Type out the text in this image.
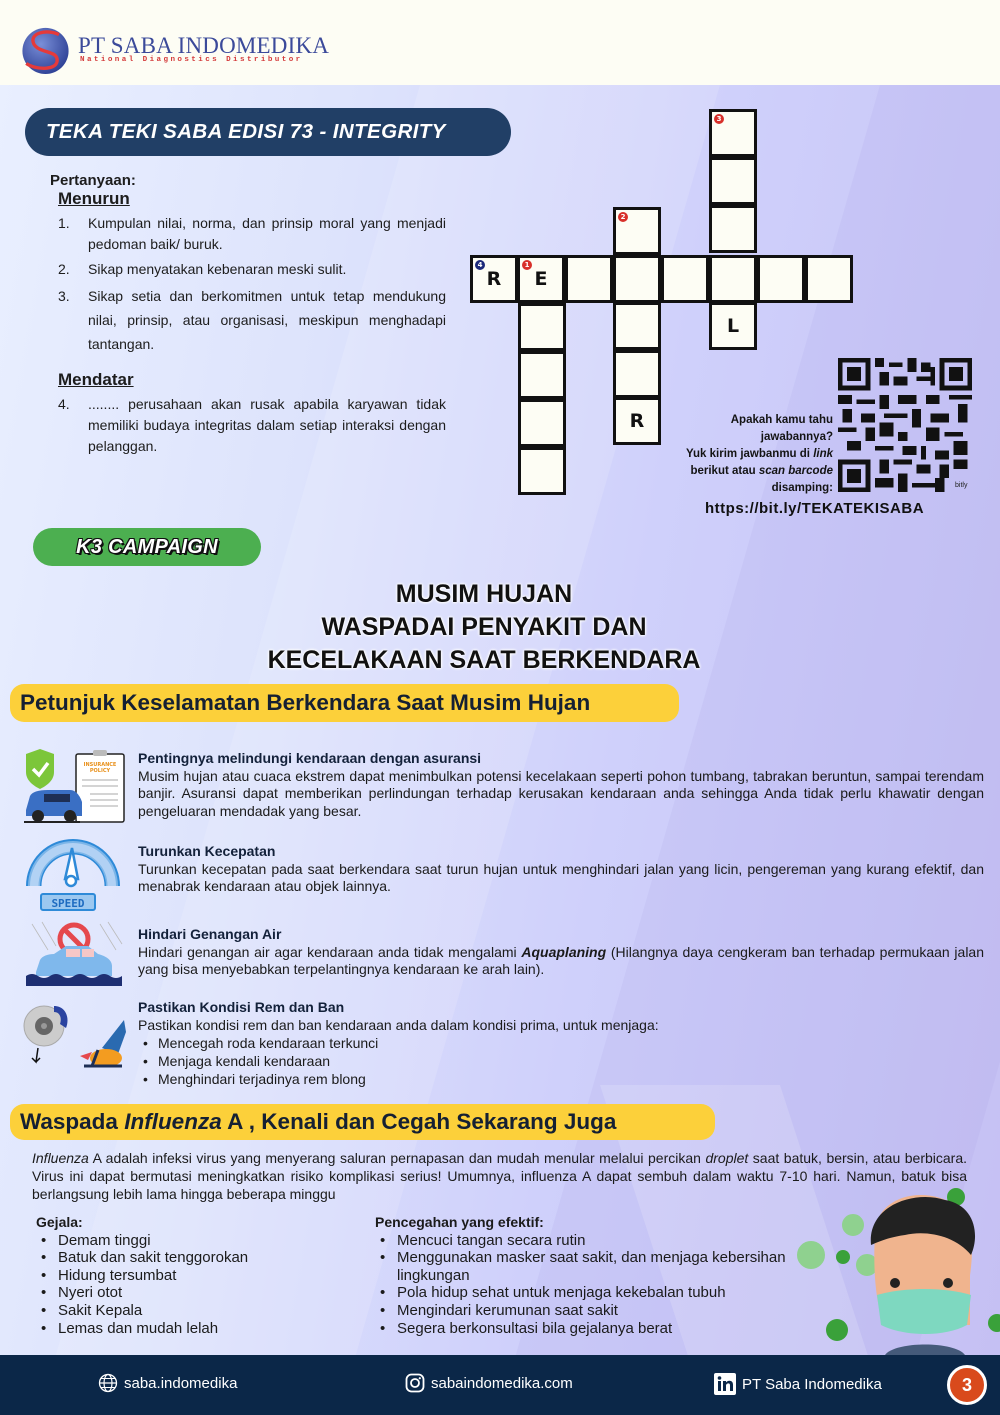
PT SABA INDOMEDIKA
National Diagnostics Distributor
TEKA TEKI SABA EDISI 73 - INTEGRITY
Pertanyaan:
Menurun
1.	Kumpulan nilai, norma, dan prinsip moral yang menjadi pedoman baik/ buruk.
2.	Sikap menyatakan kebenaran meski sulit.
3.	Sikap setia dan berkomitmen untuk tetap mendukung nilai, prinsip, atau organisasi, meskipun menghadapi tantangan.
Mendatar
4.	........ perusahaan akan rusak apabila karyawan tidak memiliki budaya integritas dalam setiap interaksi dengan pelanggan.
4
R
1
E
2
R
3
L
Apakah kamu tahu
jawabannya?
Yuk kirim jawbanmu di link
berikut atau scan barcode
disamping:	bitly
https://bit.ly/TEKATEKISABA
K3 CAMPAIGN
MUSIM HUJAN
WASPADAI PENYAKIT DAN
KECELAKAAN SAAT BERKENDARA
Petunjuk Keselamatan Berkendara Saat Musim Hujan
INSURANCE
POLICY
Pentingnya melindungi kendaraan dengan asuransi
Musim hujan atau cuaca ekstrem dapat menimbulkan potensi kecelakaan seperti pohon tumbang, tabrakan beruntun, sampai terendam banjir. Asuransi dapat memberikan perlindungan terhadap kerusakan kendaraan anda sehingga Anda tidak perlu khawatir dengan pengeluaran mendadak yang besar.
SPEED
Turunkan Kecepatan
Turunkan kecepatan pada saat berkendara saat turun hujan untuk menghindari jalan yang licin, pengereman yang kurang efektif, dan menabrak kendaraan atau objek lainnya.
Hindari Genangan Air
Hindari genangan air agar kendaraan anda tidak mengalami Aquaplaning (Hilangnya daya cengkeram ban terhadap permukaan jalan yang bisa menyebabkan terpelantingnya kendaraan ke arah lain).
Pastikan Kondisi Rem dan Ban
Pastikan kondisi rem dan ban kendaraan anda dalam kondisi prima, untuk menjaga:
• Mencegah roda kendaraan terkunci
• Menjaga kendali kendaraan
• Menghindari terjadinya rem blong
Waspada Influenza A , Kenali dan Cegah Sekarang Juga
Influenza A adalah infeksi virus yang menyerang saluran pernapasan dan mudah menular melalui percikan droplet saat batuk, bersin, atau berbicara. Virus ini dapat bermutasi meningkatkan risiko komplikasi serius! Umumnya, influenza A dapat sembuh dalam waktu 7-10 hari. Namun, batuk bisa berlangsung lebih lama hingga beberapa minggu
Gejala:
• Demam tinggi
• Batuk dan sakit tenggorokan
• Hidung tersumbat
• Nyeri otot
• Sakit Kepala
• Lemas dan mudah lelah
Pencegahan yang efektif:
• Mencuci tangan secara rutin
• Menggunakan masker saat sakit, dan menjaga kebersihan lingkungan
• Pola hidup sehat untuk menjaga kekebalan tubuh
• Mengindari kerumunan saat sakit
• Segera berkonsultasi bila gejalanya berat
saba.indomedika	sabaindomedika.com	PT Saba Indomedika	3
